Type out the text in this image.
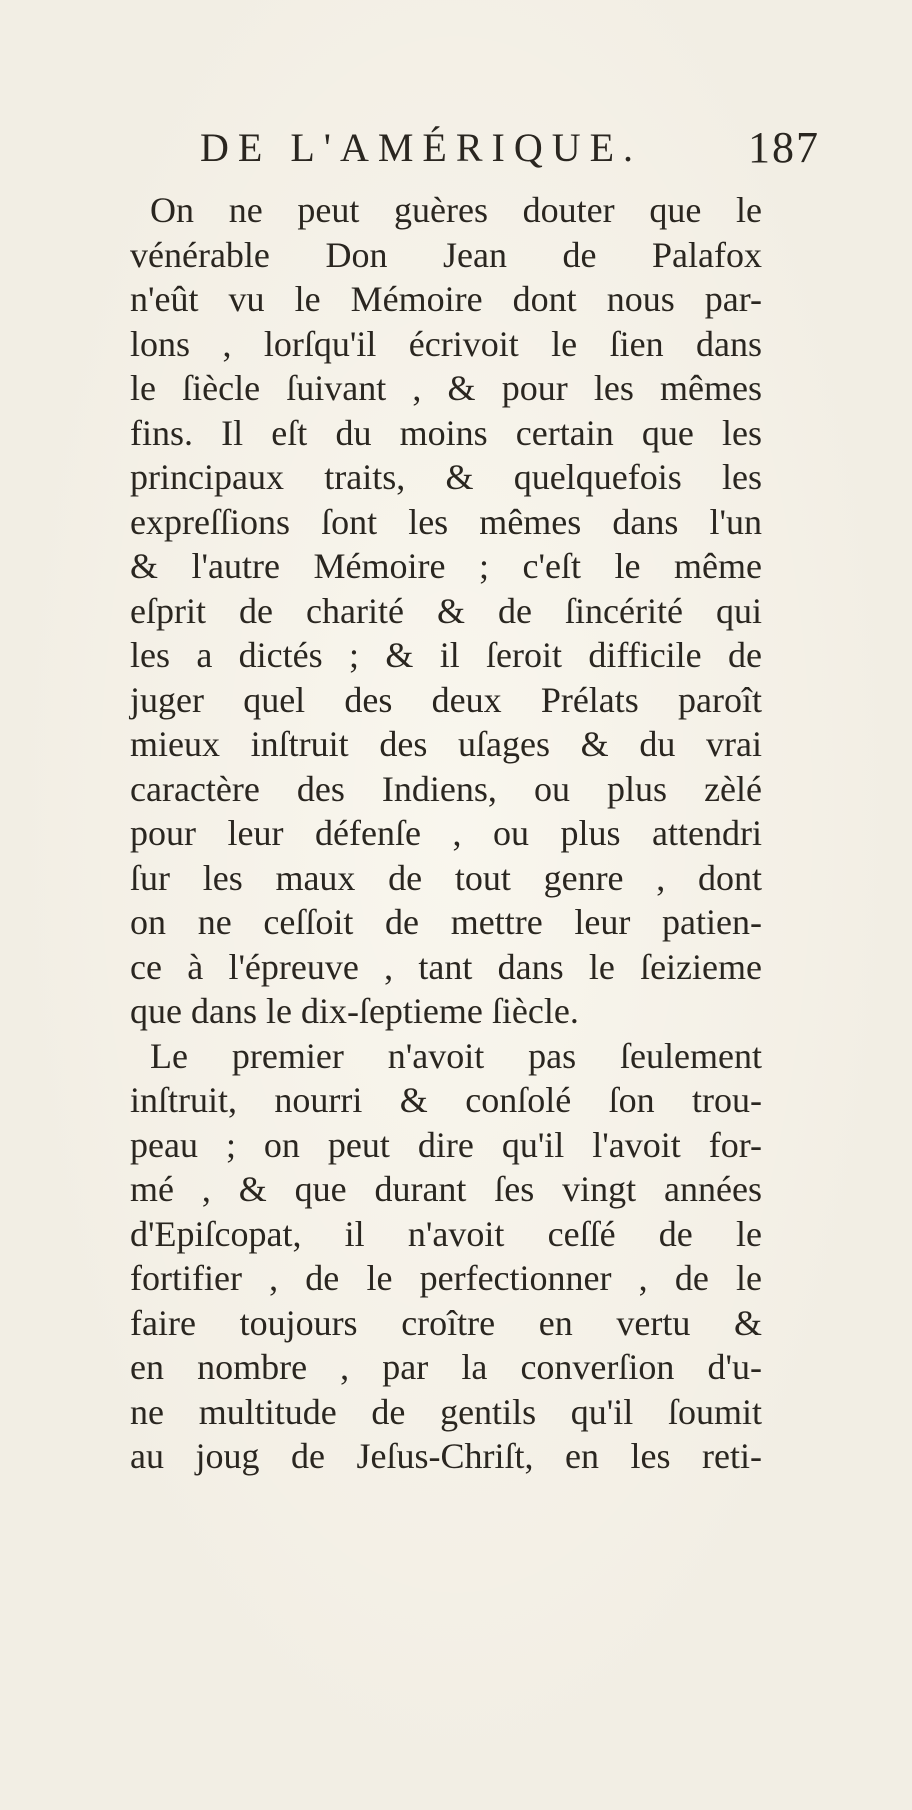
DE L'AMÉRIQUE. 187
On ne peut guères douter que le
vénérable Don Jean de Palafox
n'eût vu le Mémoire dont nous par-
lons , lorſqu'il écrivoit le ſien dans
le ſiècle ſuivant , & pour les mêmes
fins. Il eſt du moins certain que les
principaux traits, & quelquefois les
expreſſions ſont les mêmes dans l'un
& l'autre Mémoire ; c'eſt le même
eſprit de charité & de ſincérité qui
les a dictés ; & il ſeroit difficile de
juger quel des deux Prélats paroît
mieux inſtruit des uſages & du vrai
caractère des Indiens, ou plus zèlé
pour leur défenſe , ou plus attendri
ſur les maux de tout genre , dont
on ne ceſſoit de mettre leur patien-
ce à l'épreuve , tant dans le ſeizieme
que dans le dix-ſeptieme ſiècle.
Le premier n'avoit pas ſeulement
inſtruit, nourri & conſolé ſon trou-
peau ; on peut dire qu'il l'avoit for-
mé , & que durant ſes vingt années
d'Epiſcopat, il n'avoit ceſſé de le
fortifier , de le perfectionner , de le
faire toujours croître en vertu &
en nombre , par la converſion d'u-
ne multitude de gentils qu'il ſoumit
au joug de Jeſus-Chriſt, en les reti-
